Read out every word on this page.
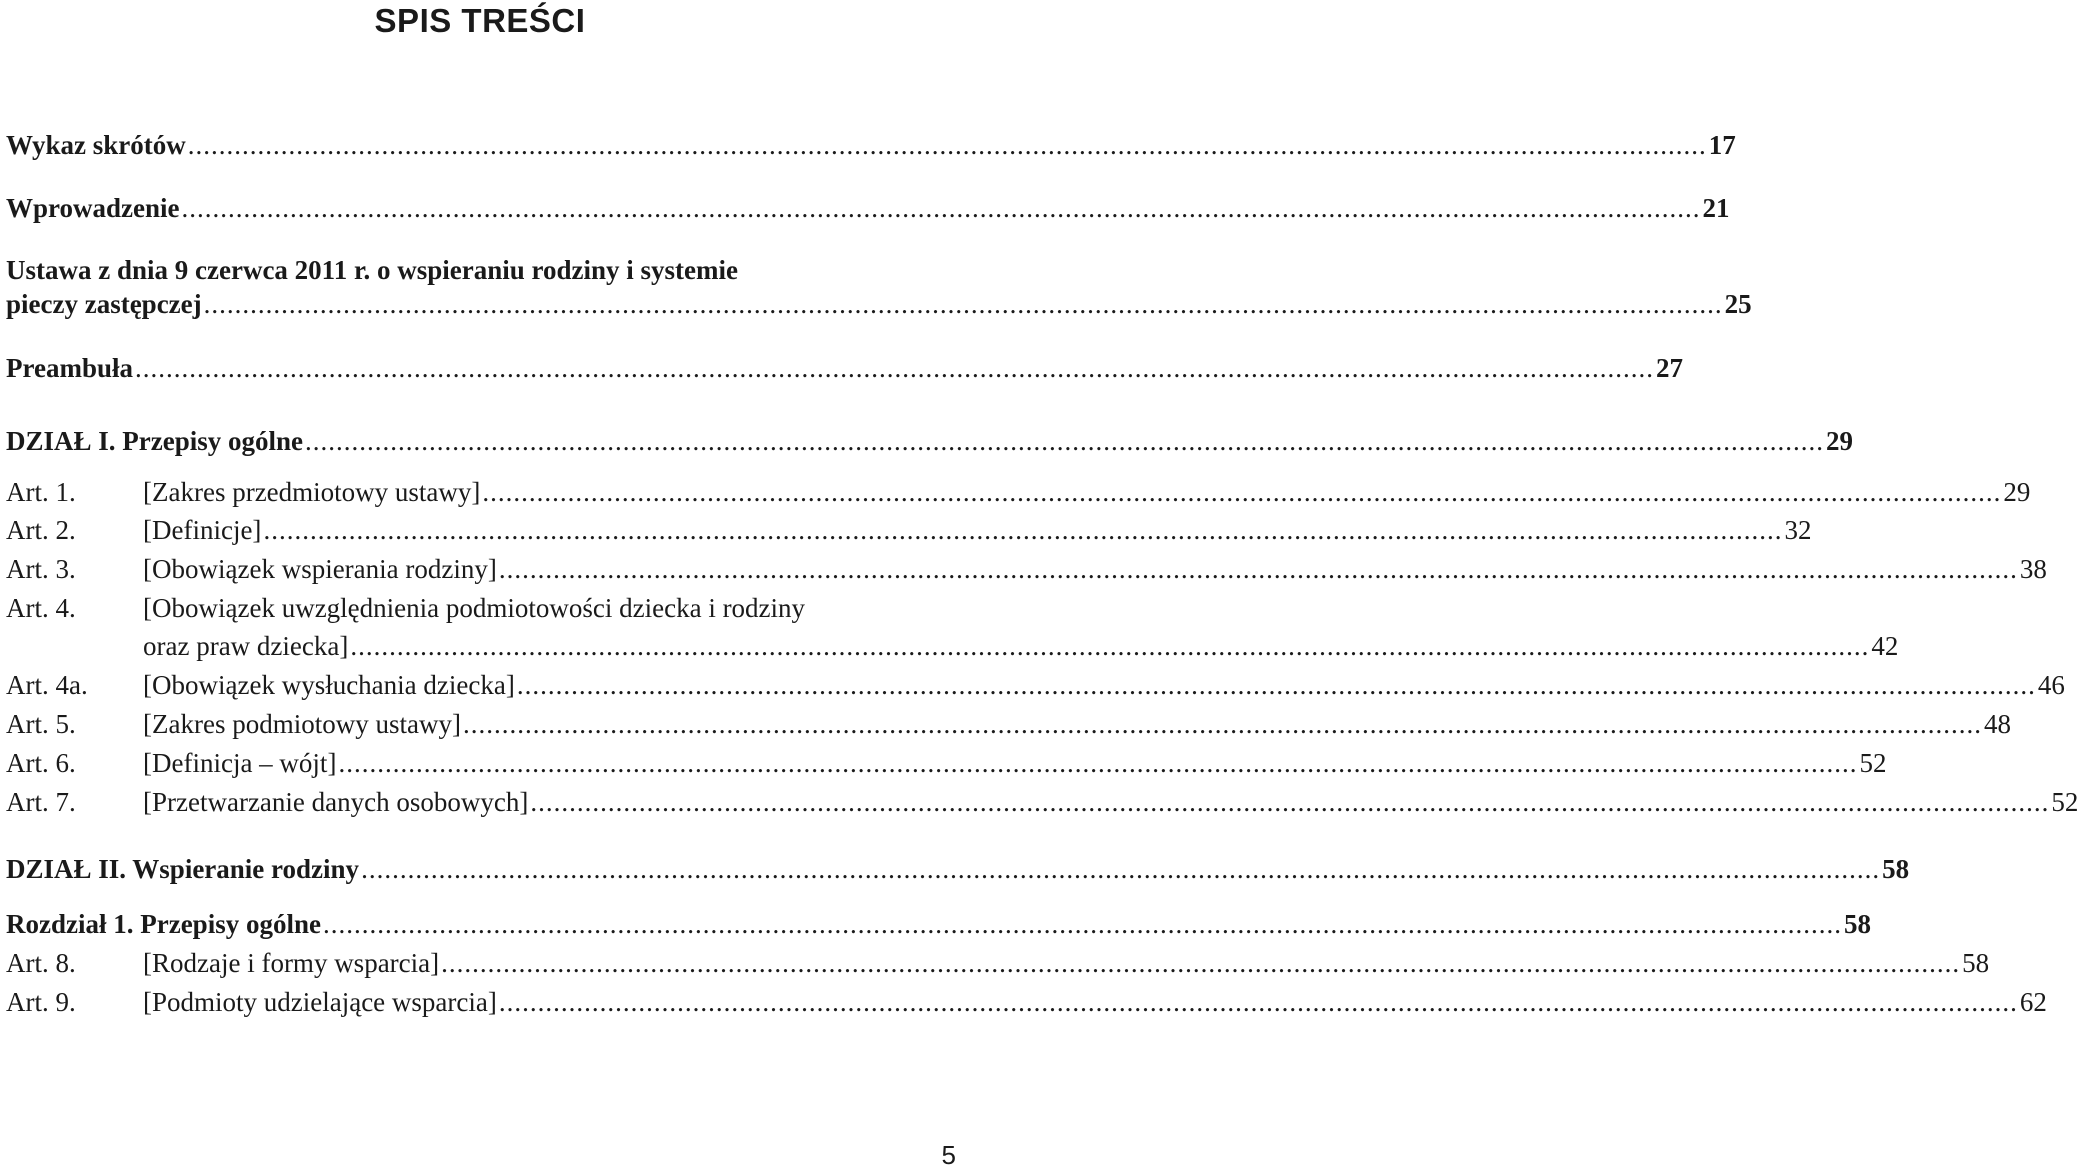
SPIS TREŚCI
Wykaz skrótów .................................................................................................................................................................................................... 17
Wprowadzenie .................................................................................................................................................................................................... 21
Ustawa z dnia 9 czerwca 2011 r. o wspieraniu rodziny i systemie
pieczy zastępczej .................................................................................................................................................................................................... 25
Preambuła .................................................................................................................................................................................................... 27
DZIAŁ I. Przepisy ogólne .................................................................................................................................................................................................... 29
Art. 1.	[Zakres przedmiotowy ustawy] .................................................................................................................................................................................................... 29
Art. 2.	[Definicje] .................................................................................................................................................................................................... 32
Art. 3.	[Obowiązek wspierania rodziny] .................................................................................................................................................................................................... 38
Art. 4. [Obowiązek uwzględnienia podmiotowości dziecka i rodziny
oraz praw dziecka] .................................................................................................................................................................................................... 42
Art. 4a.	[Obowiązek wysłuchania dziecka] .................................................................................................................................................................................................... 46
Art. 5.	[Zakres podmiotowy ustawy] .................................................................................................................................................................................................... 48
Art. 6.	[Definicja – wójt] .................................................................................................................................................................................................... 52
Art. 7.	[Przetwarzanie danych osobowych] .................................................................................................................................................................................................... 52
DZIAŁ II. Wspieranie rodziny .................................................................................................................................................................................................... 58
Rozdział 1. Przepisy ogólne .................................................................................................................................................................................................... 58
Art. 8.	[Rodzaje i formy wsparcia] .................................................................................................................................................................................................... 58
Art. 9.	[Podmioty udzielające wsparcia] .................................................................................................................................................................................................... 62
5
